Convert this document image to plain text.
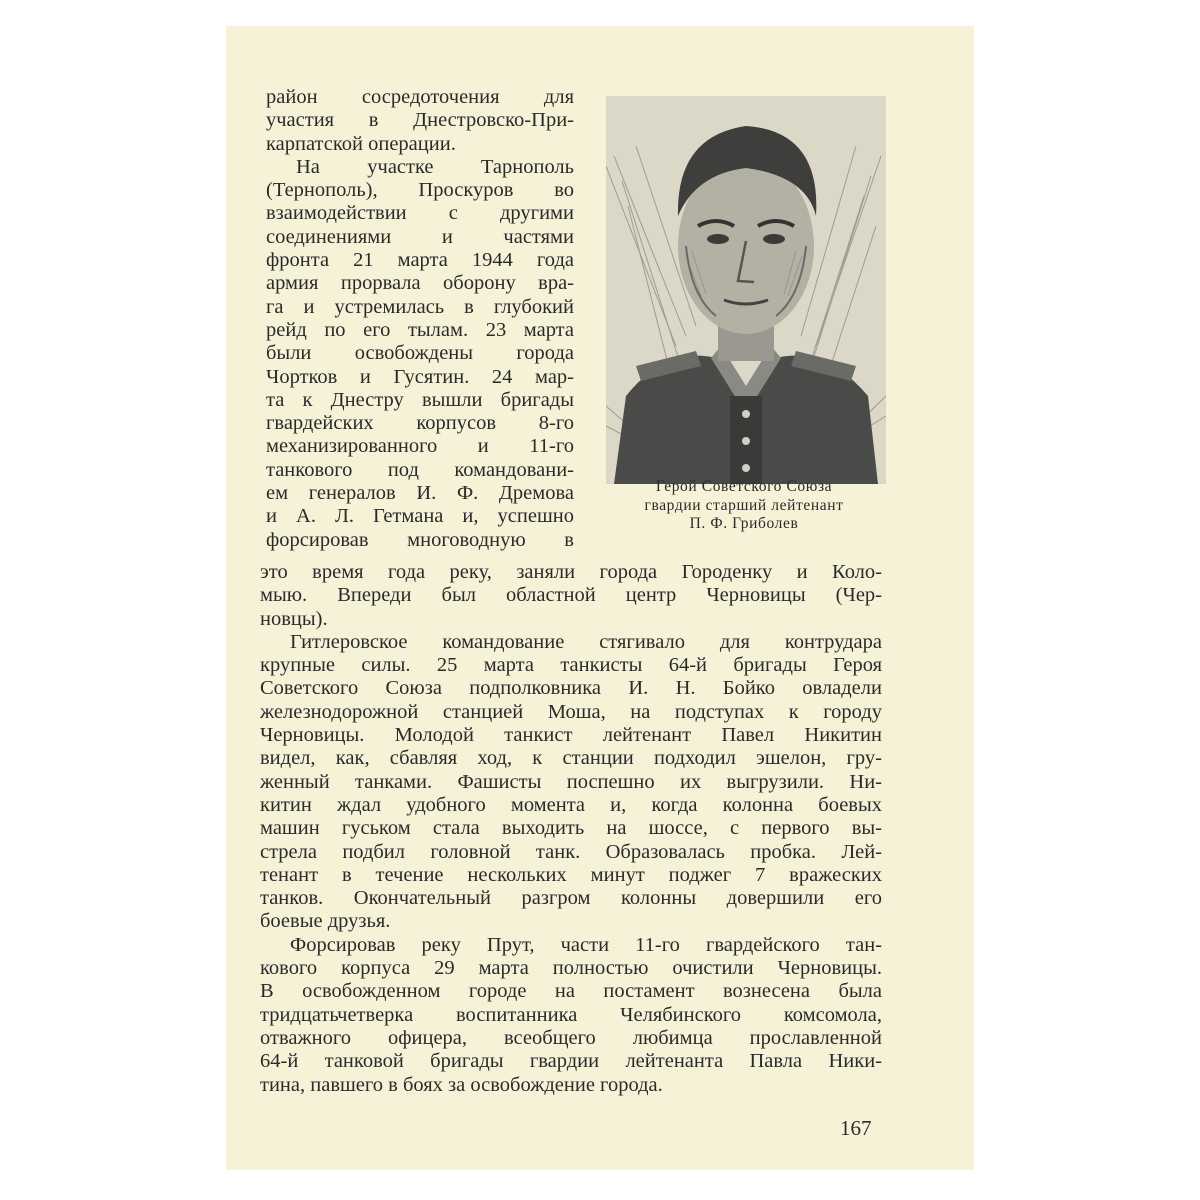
район сосредоточения для
участия в Днестровско-При-
карпатской операции.
На участке Тарнополь
(Тернополь), Проскуров во
взаимодействии с другими
соединениями и частями
фронта 21 марта 1944 года
армия прорвала оборону вра-
га и устремилась в глубокий
рейд по его тылам. 23 марта
были освобождены города
Чортков и Гусятин. 24 мар-
та к Днестру вышли бригады
гвардейских корпусов 8-го
механизированного и 11-го
танкового под командовани-
ем генералов И. Ф. Дремова
и А. Л. Гетмана и, успешно
форсировав многоводную в
Герой Советского Союза
гвардии старший лейтенант
П. Ф. Гриболев
это время года реку, заняли города Городенку и Коло-
мыю. Впереди был областной центр Черновицы (Чер-
новцы).
Гитлеровское командование стягивало для контрудара
крупные силы. 25 марта танкисты 64-й бригады Героя
Советского Союза подполковника И. Н. Бойко овладели
железнодорожной станцией Мошa, на подступах к городу
Черновицы. Молодой танкист лейтенант Павел Никитин
видел, как, сбавляя ход, к станции подходил эшелон, гру-
женный танками. Фашисты поспешно их выгрузили. Ни-
китин ждал удобного момента и, когда колонна боевых
машин гуськом стала выходить на шоссе, с первого вы-
стрела подбил головной танк. Образовалась пробка. Лей-
тенант в течение нескольких минут поджег 7 вражеских
танков. Окончательный разгром колонны довершили его
боевые друзья.
Форсировав реку Прут, части 11-го гвардейского тан-
кового корпуса 29 марта полностью очистили Черновицы.
В освобожденном городе на постамент вознесена была
тридцатьчетверка воспитанника Челябинского комсомола,
отважного офицера, всеобщего любимца прославленной
64-й танковой бригады гвардии лейтенанта Павла Ники-
тина, павшего в боях за освобождение города.
167
